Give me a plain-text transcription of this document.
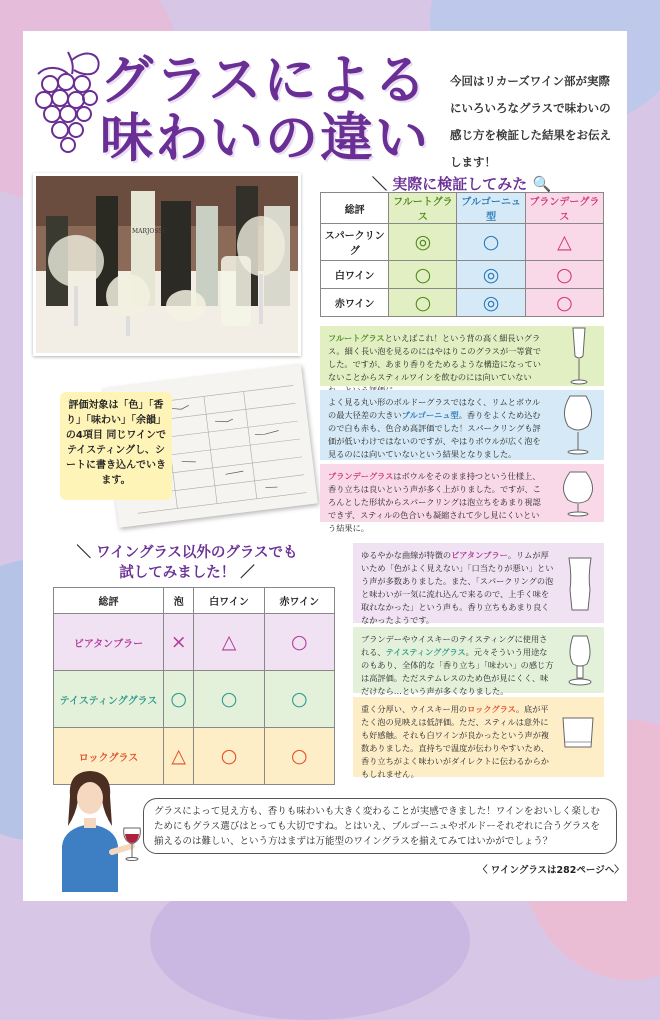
グラスによる
味わいの違い
今回はリカーズワイン部が実際にいろいろなグラスで味わいの感じ方を検証した結果をお伝えします！
MARJOSSE
評価対象は「色」「香り」「味わい」「余韻」の4項目 同じワインでテイスティングし、シートに書き込んでいきます。
＼ 実際に検証してみた 🔍
総評	フルートグラス	ブルゴーニュ型	ブランデーグラス
スパークリング	◎	○	△
白ワイン	○	◎	○
赤ワイン	○	◎	○
フルートグラスといえばこれ！という背の高く細長いグラス。細く長い泡を見るのにはやはりこのグラスが一等賞でした。ですが、あまり香りをためるような構造になっていないことからスティルワインを飲むのには向いていない
よく見る丸い形のボルドーグラスではなく、リムとボウルの最大径差の大きいブルゴーニュ型。香りをよくため込むので白も赤も、色合め高評価でした！スパークリングも評価が低いわけではないのですが、やはりボウルが広く泡を見るのには向いていないという結果となりました。
ブランデーグラスはボウルをそのまま持つという仕様上、香り立ちは良いという声が多く上がりました。ですが、ころんとした形状からスパークリングは泡立ちをあまり視認できず、スティルの色合いも凝縮されて少し見にくいという結果に。
＼ ワイングラス以外のグラスでも
試してみました！ ／
総評	泡	白ワイン	赤ワイン
ビアタンブラー	×	△	○
テイスティンググラス	○	○	○
ロックグラス	△	○	○
ゆるやかな曲線が特徴のビアタンブラー。リムが厚いため「色がよく見えない」「口当たりが悪い」という声が多数ありました。また、「スパークリングの泡と味わいが一気に流れ込んで来るので、上手く味を取れなかった」という声も。香り立ちもあまり良くなかったようです。
ブランデーやウイスキーのテイスティングに使用される、テイスティンググラス。元々そういう用途なのもあり、全体的な「香り立ち」「味わい」の感じ方は高評価。ただステムレスのため色が見にくく、味だけなら…という声が多くなりました。
重く分厚い、ウイスキー用のロックグラス。底が平たく泡の見映えは低評価。ただ、スティルは意外にも好感触。それも白ワインが良かったという声が複数ありました。直持ちで温度が伝わりやすいため、香り立ちがよく味わいがダイレクトに伝わるからかもしれません。
グラスによって見え方も、香りも味わいも大きく変わることが実感できました！ワインをおいしく楽しむためにもグラス選びはとっても大切ですね。とはいえ、ブルゴーニュやボルドーそれぞれに合うグラスを揃えるのは難しい、という方はまずは万能型のワイングラスを揃えてみてはいかがでしょう？
〈 ワイングラスは282ページへ〉
